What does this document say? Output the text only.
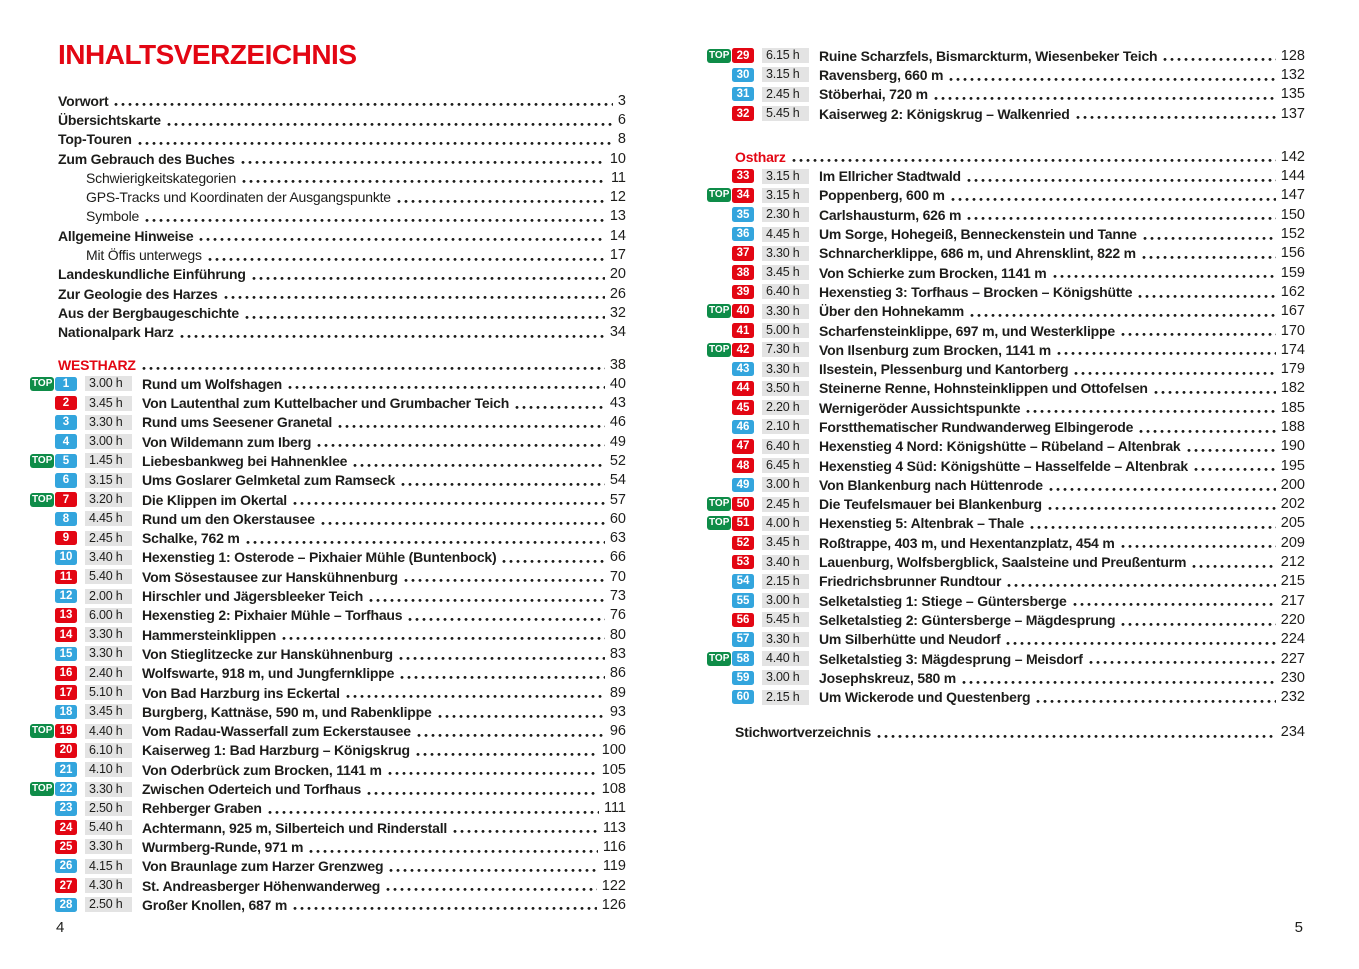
INHALTSVERZEICHNIS
Vorwort	3
Übersichtskarte	6
Top-Touren	8
Zum Gebrauch des Buches	10
Schwierigkeitskategorien	11
GPS-Tracks und Koordinaten der Ausgangspunkte	12
Symbole	13
Allgemeine Hinweise	14
Mit Öffis unterwegs	17
Landeskundliche Einführung	20
Zur Geologie des Harzes	26
Aus der Bergbaugeschichte	32
Nationalpark Harz	34
WESTHARZ	38
TOP 1	3.00 h	Rund um Wolfshagen	40
2	3.45 h	Von Lautenthal zum Kuttelbacher und Grumbacher Teich	43
3	3.30 h	Rund ums Seesener Granetal	46
4	3.00 h	Von Wildemann zum Iberg	49
TOP 5	1.45 h	Liebesbankweg bei Hahnenklee	52
6	3.15 h	Ums Goslarer Gelmketal zum Ramseck	54
TOP 7	3.20 h	Die Klippen im Okertal	57
8	4.45 h	Rund um den Okerstausee	60
9	2.45 h	Schalke, 762 m	63
10	3.40 h	Hexenstieg 1: Osterode – Pixhaier Mühle (Buntenbock)	66
11	5.40 h	Vom Sösestausee zur Hanskühnenburg	70
12	2.00 h	Hirschler und Jägersbleeker Teich	73
13	6.00 h	Hexenstieg 2: Pixhaier Mühle – Torfhaus	76
14	3.30 h	Hammersteinklippen	80
15	3.30 h	Von Stieglitzecke zur Hanskühnenburg	83
16	2.40 h	Wolfswarte, 918 m, und Jungfernklippe	86
17	5.10 h	Von Bad Harzburg ins Eckertal	89
18	3.45 h	Burgberg, Kattnäse, 590 m, und Rabenklippe	93
TOP 19	4.40 h	Vom Radau-Wasserfall zum Eckerstausee	96
20	6.10 h	Kaiserweg 1: Bad Harzburg – Königskrug	100
21	4.10 h	Von Oderbrück zum Brocken, 1141 m	105
TOP 22	3.30 h	Zwischen Oderteich und Torfhaus	108
23	2.50 h	Rehberger Graben	111
24	5.40 h	Achtermann, 925 m, Silberteich und Rinderstall	113
25	3.30 h	Wurmberg-Runde, 971 m	116
26	4.15 h	Von Braunlage zum Harzer Grenzweg	119
27	4.30 h	St. Andreasberger Höhenwanderweg	122
28	2.50 h	Großer Knollen, 687 m	126
TOP 29	6.15 h	Ruine Scharzfels, Bismarckturm, Wiesenbeker Teich	128
30	3.15 h	Ravensberg, 660 m	132
31	2.45 h	Stöberhai, 720 m	135
32	5.45 h	Kaiserweg 2: Königskrug – Walkenried	137
Ostharz	142
33	3.15 h	Im Ellricher Stadtwald	144
TOP 34	3.15 h	Poppenberg, 600 m	147
35	2.30 h	Carlshausturm, 626 m	150
36	4.45 h	Um Sorge, Hohegeiß, Benneckenstein und Tanne	152
37	3.30 h	Schnarcherklippe, 686 m, und Ahrensklint, 822 m	156
38	3.45 h	Von Schierke zum Brocken, 1141 m	159
39	6.40 h	Hexenstieg 3: Torfhaus – Brocken – Königshütte	162
TOP 40	3.30 h	Über den Hohnekamm	167
41	5.00 h	Scharfensteinklippe, 697 m, und Westerklippe	170
TOP 42	7.30 h	Von Ilsenburg zum Brocken, 1141 m	174
43	3.30 h	Ilsestein, Plessenburg und Kantorberg	179
44	3.50 h	Steinerne Renne, Hohnsteinklippen und Ottofelsen	182
45	2.20 h	Wernigeröder Aussichtspunkte	185
46	2.10 h	Forstthematischer Rundwanderweg Elbingerode	188
47	6.40 h	Hexenstieg 4 Nord: Königshütte – Rübeland – Altenbrak	190
48	6.45 h	Hexenstieg 4 Süd: Königshütte – Hasselfelde – Altenbrak	195
49	3.00 h	Von Blankenburg nach Hüttenrode	200
TOP 50	2.45 h	Die Teufelsmauer bei Blankenburg	202
TOP 51	4.00 h	Hexenstieg 5: Altenbrak – Thale	205
52	3.45 h	Roßtrappe, 403 m, und Hexentanzplatz, 454 m	209
53	3.40 h	Lauenburg, Wolfsbergblick, Saalsteine und Preußenturm	212
54	2.15 h	Friedrichsbrunner Rundtour	215
55	3.00 h	Selketalstieg 1: Stiege – Güntersberge	217
56	5.45 h	Selketalstieg 2: Güntersberge – Mägdesprung	220
57	3.30 h	Um Silberhütte und Neudorf	224
TOP 58	4.40 h	Selketalstieg 3: Mägdesprung – Meisdorf	227
59	3.00 h	Josephskreuz, 580 m	230
60	2.15 h	Um Wickerode und Questenberg	232
Stichwortverzeichnis	234
4	5
